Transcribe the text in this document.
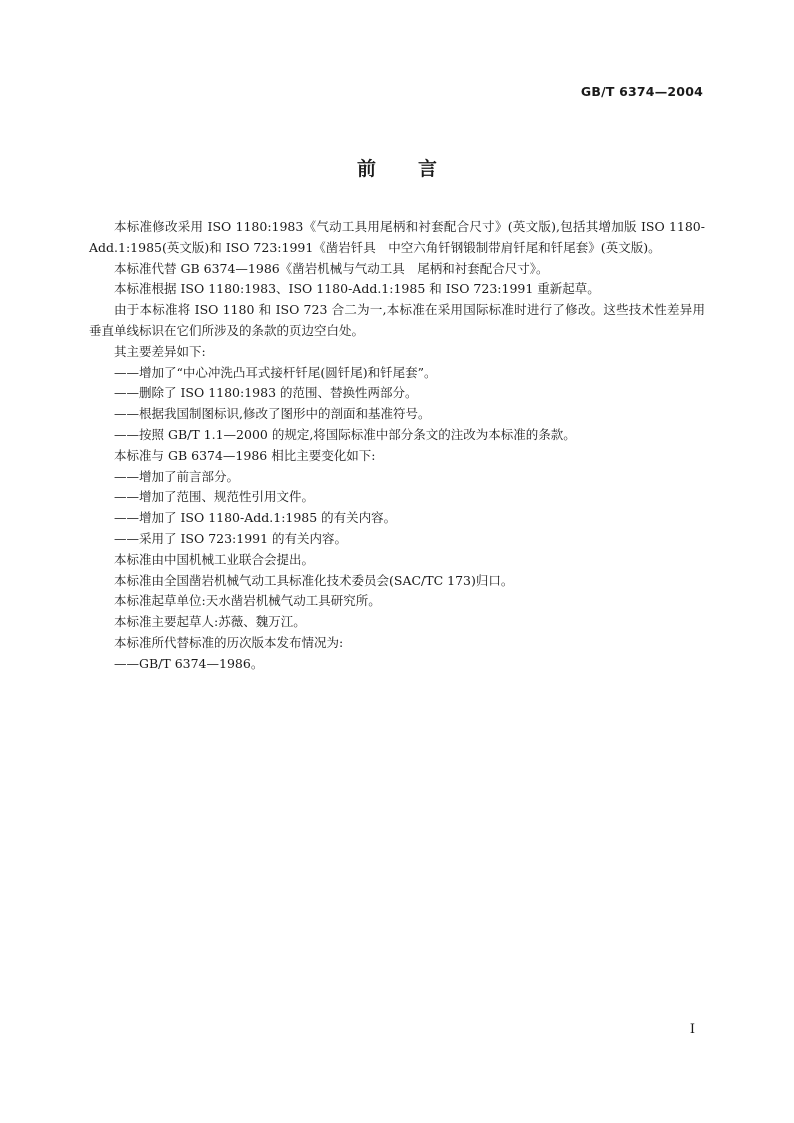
GB/T 6374—2004
前言

本标准修改采用 ISO 1180:1983《气动工具用尾柄和衬套配合尺寸》(英文版),包括其增加版 ISO 1180-Add.1:1985(英文版)和 ISO 723:1991《凿岩钎具　中空六角钎钢锻制带肩钎尾和钎尾套》(英文版)。

本标准代替 GB 6374—1986《凿岩机械与气动工具　尾柄和衬套配合尺寸》。

本标准根据 ISO 1180:1983、ISO 1180-Add.1:1985 和 ISO 723:1991 重新起草。

由于本标准将 ISO 1180 和 ISO 723 合二为一,本标准在采用国际标准时进行了修改。这些技术性差异用垂直单线标识在它们所涉及的条款的页边空白处。

其主要差异如下:

——增加了“中心冲洗凸耳式接杆钎尾(圆钎尾)和钎尾套”。

——删除了 ISO 1180:1983 的范围、替换性两部分。

——根据我国制图标识,修改了图形中的剖面和基准符号。

——按照 GB/T 1.1—2000 的规定,将国际标准中部分条文的注改为本标准的条款。

本标准与 GB 6374—1986 相比主要变化如下:

——增加了前言部分。

——增加了范围、规范性引用文件。

——增加了 ISO 1180-Add.1:1985 的有关内容。

——采用了 ISO 723:1991 的有关内容。

本标准由中国机械工业联合会提出。

本标准由全国凿岩机械气动工具标准化技术委员会(SAC/TC 173)归口。

本标准起草单位:天水凿岩机械气动工具研究所。

本标准主要起草人:苏薇、魏万江。

本标准所代替标准的历次版本发布情况为:

——GB/T 6374—1986。

I
